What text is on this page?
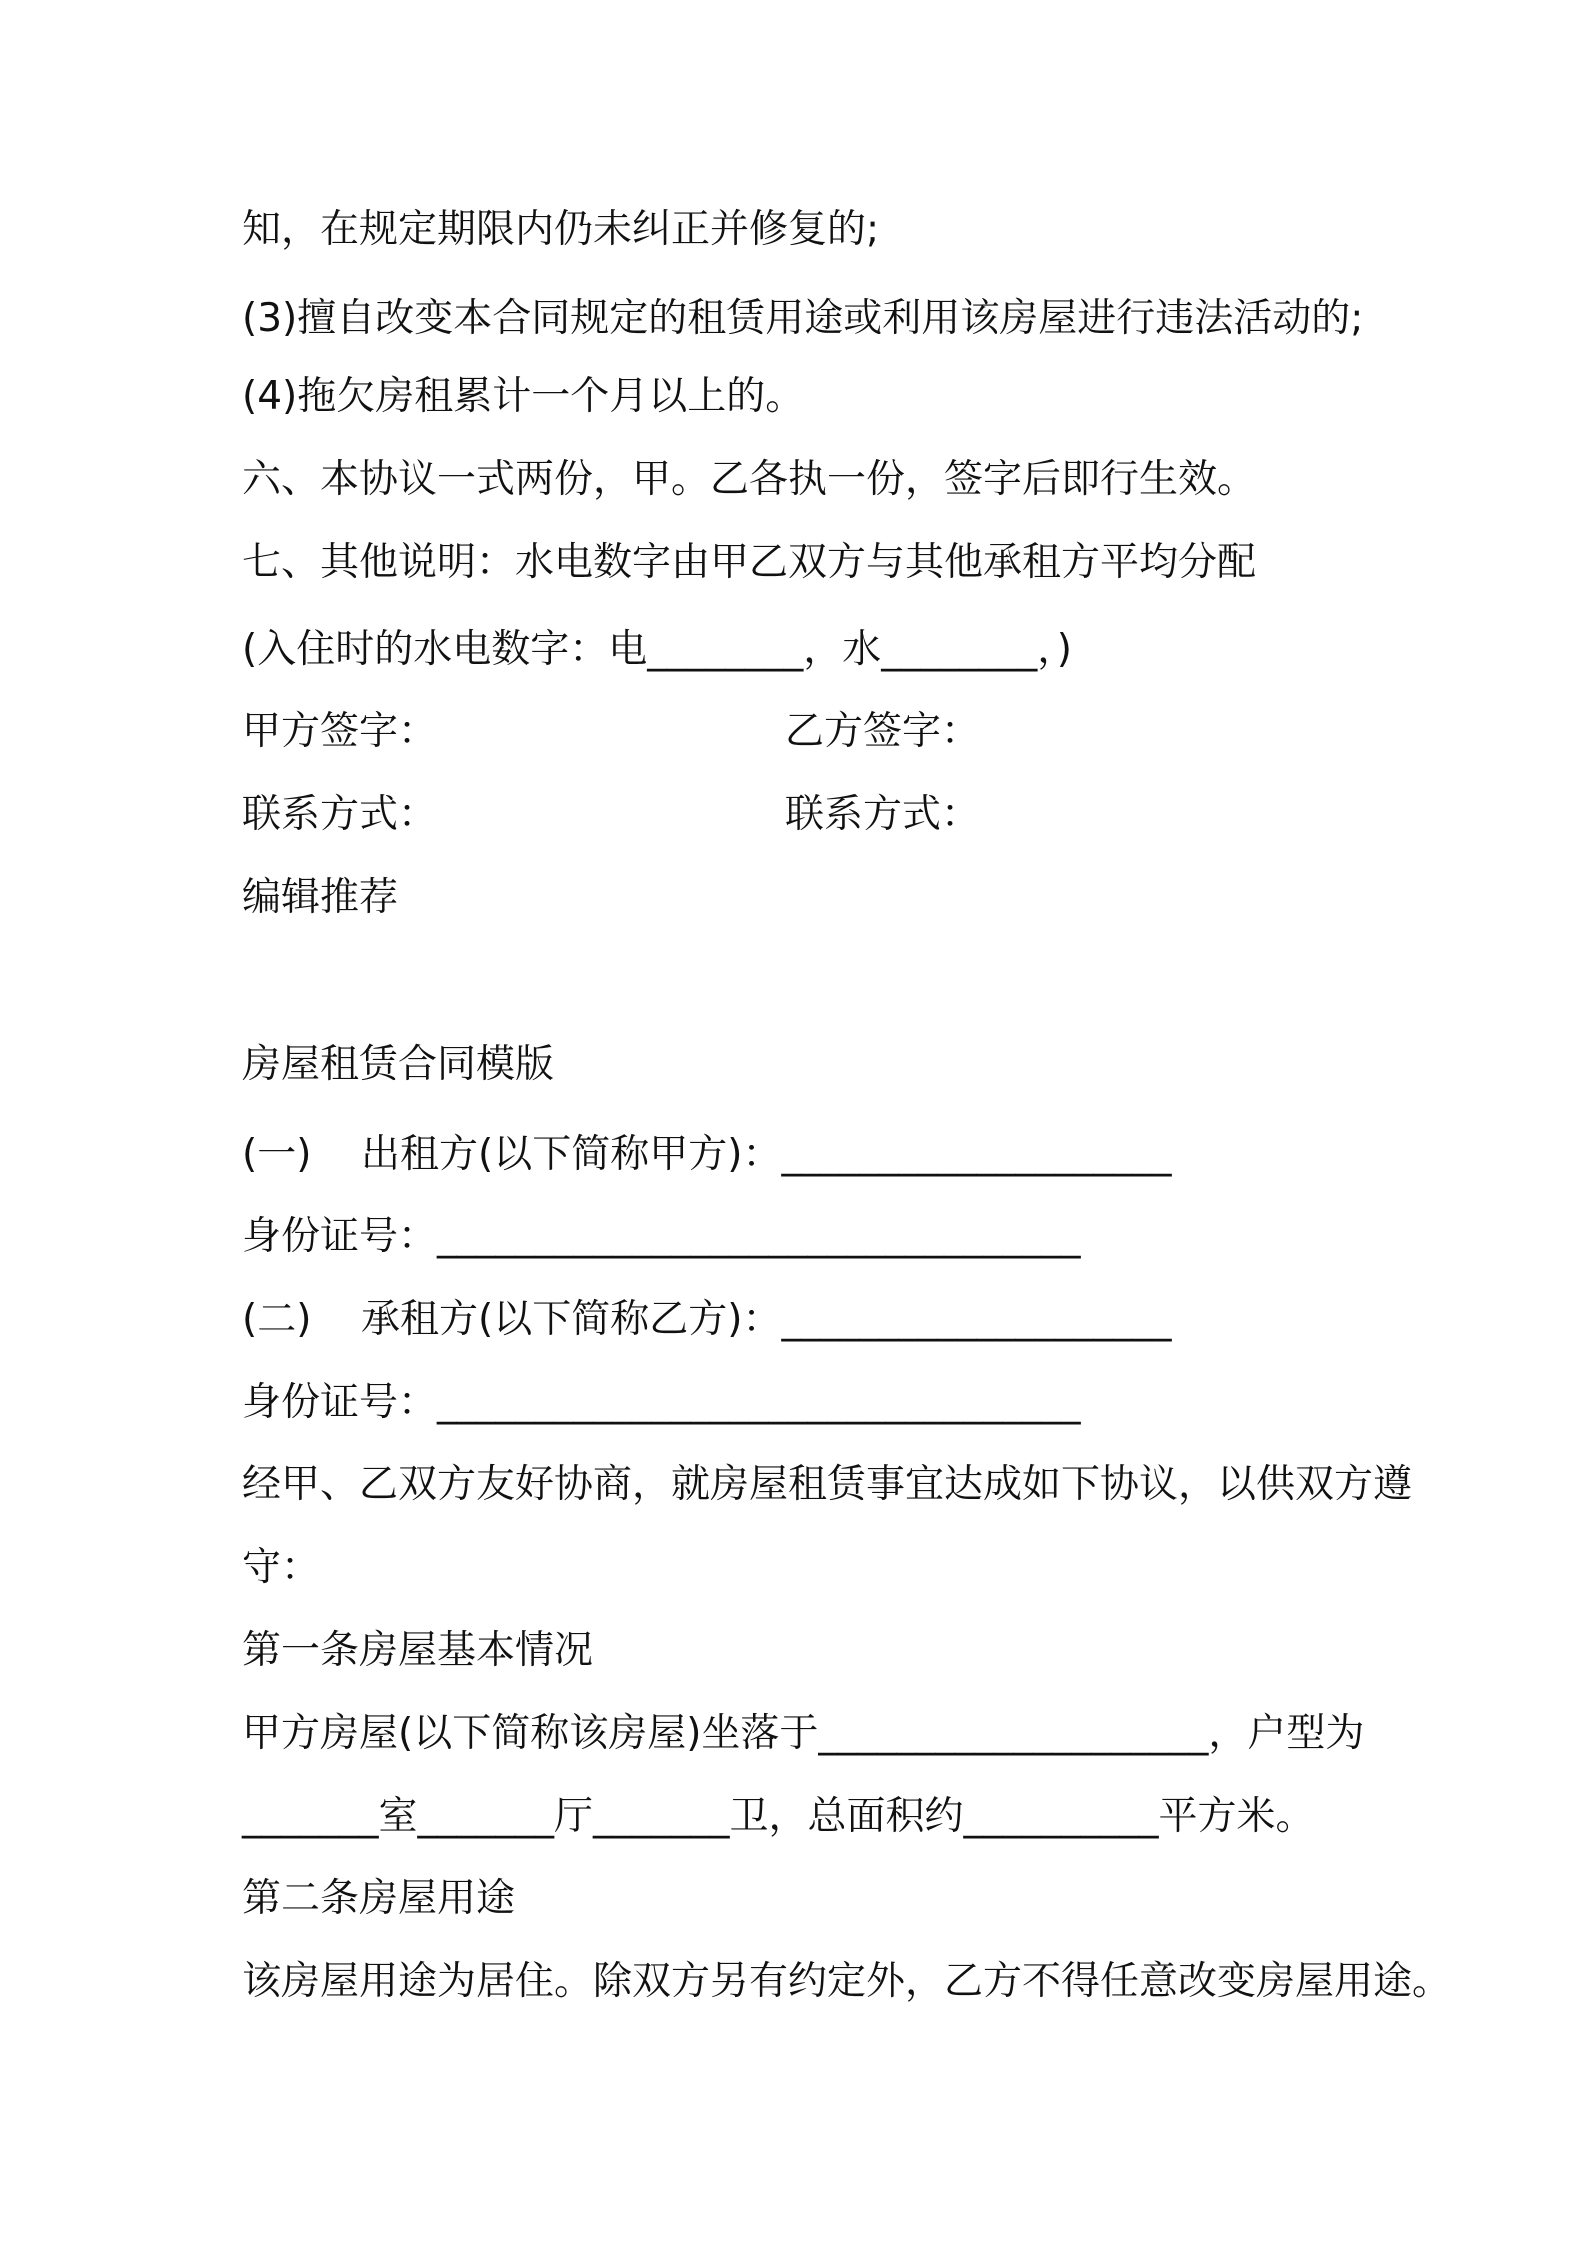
知，在规定期限内仍未纠正并修复的;
(3)擅自改变本合同规定的租赁用途或利用该房屋进行违法活动的;
(4)拖欠房租累计一个月以上的。
六、本协议一式两份，甲。乙各执一份，签字后即行生效。
七、其他说明：水电数字由甲乙双方与其他承租方平均分配
(入住时的水电数字：电________，水________，)
甲方签字：	乙方签字：
联系方式：	联系方式：
编辑推荐
房屋租赁合同模版
(一)    出租方(以下简称甲方)：____________________
身份证号：_________________________________
(二)    承租方(以下简称乙方)：____________________
身份证号：_________________________________
经甲、乙双方友好协商，就房屋租赁事宜达成如下协议，以供双方遵
守：
第一条房屋基本情况
甲方房屋(以下简称该房屋)坐落于____________________，户型为
_______室_______厅_______卫，总面积约__________平方米。
第二条房屋用途
该房屋用途为居住。除双方另有约定外，乙方不得任意改变房屋用途。
